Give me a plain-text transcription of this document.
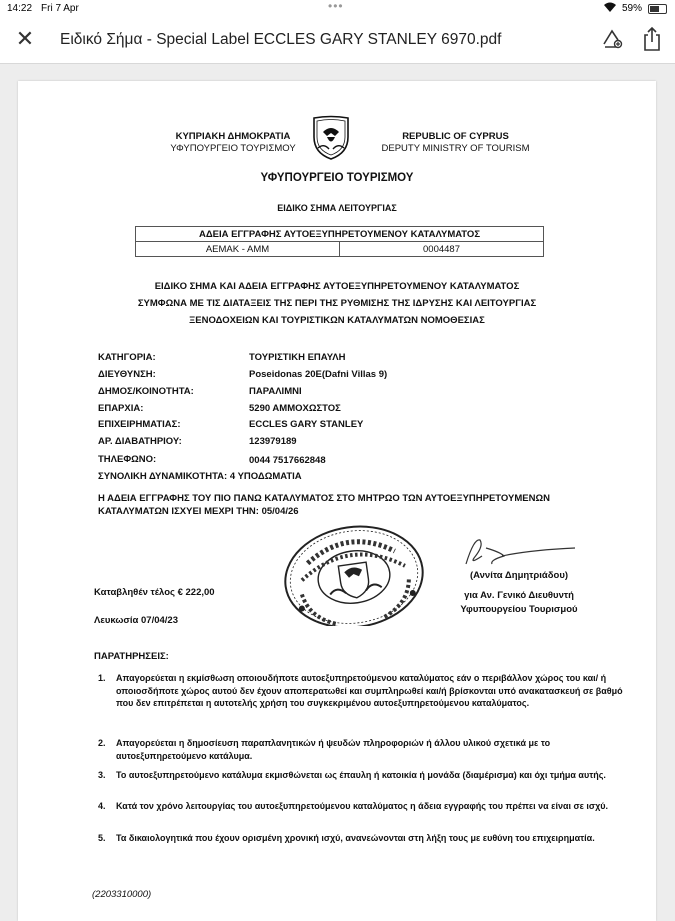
14:22 Fri 7 Apr	•••	59%
✕ Ειδικό Σήμα - Special Label ECCLES GARY STANLEY 6970.pdf
ΚΥΠΡΙΑΚΗ ΔΗΜΟΚΡΑΤΙΑ
ΥΦΥΠΟΥΡΓΕΙΟ ΤΟΥΡΙΣΜΟΥ
REPUBLIC OF CYPRUS
DEPUTY MINISTRY OF TOURISM
ΥΦΥΠΟΥΡΓΕΙΟ ΤΟΥΡΙΣΜΟΥ
ΕΙΔΙΚΟ ΣΗΜΑ ΛΕΙΤΟΥΡΓΙΑΣ
ΑΔΕΙΑ ΕΓΓΡΑΦΗΣ ΑΥΤΟΕΞΥΠΗΡΕΤΟΥΜΕΝΟΥ ΚΑΤΑΛΥΜΑΤΟΣ
ΑΕΜΑΚ - ΑΜΜ	0004487
ΕΙΔΙΚΟ ΣΗΜΑ ΚΑΙ ΑΔΕΙΑ ΕΓΓΡΑΦΗΣ ΑΥΤΟΕΞΥΠΗΡΕΤΟΥΜΕΝΟΥ ΚΑΤΑΛΥΜΑΤΟΣ
ΣΥΜΦΩΝΑ ΜΕ ΤΙΣ ΔΙΑΤΑΞΕΙΣ ΤΗΣ ΠΕΡΙ ΤΗΣ ΡΥΘΜΙΣΗΣ ΤΗΣ ΙΔΡΥΣΗΣ ΚΑΙ ΛΕΙΤΟΥΡΓΙΑΣ
ΞΕΝΟΔΟΧΕΙΩΝ ΚΑΙ ΤΟΥΡΙΣΤΙΚΩΝ ΚΑΤΑΛΥΜΑΤΩΝ ΝΟΜΟΘΕΣΙΑΣ
ΚΑΤΗΓΟΡΙΑ:	ΤΟΥΡΙΣΤΙΚΗ ΕΠΑΥΛΗ
ΔΙΕΥΘΥΝΣΗ:	Poseidonas 20E(Dafni Villas 9)
ΔΗΜΟΣ/ΚΟΙΝΟΤΗΤΑ:	ΠΑΡΑΛΙΜΝΙ
ΕΠΑΡΧΙΑ:	5290 ΑΜΜΟΧΩΣΤΟΣ
ΕΠΙΧΕΙΡΗΜΑΤΙΑΣ:	ECCLES GARY STANLEY
ΑΡ. ΔΙΑΒΑΤΗΡΙΟΥ:	123979189
ΤΗΛΕΦΩΝΟ:	0044 7517662848
ΣΥΝΟΛΙΚΗ ΔΥΝΑΜΙΚΟΤΗΤΑ: 4 ΥΠΟΔΩΜΑΤΙΑ
Η ΑΔΕΙΑ ΕΓΓΡΑΦΗΣ ΤΟΥ ΠΙΟ ΠΑΝΩ ΚΑΤΑΛΥΜΑΤΟΣ ΣΤΟ ΜΗΤΡΩΟ ΤΩΝ ΑΥΤΟΕΞΥΠΗΡΕΤΟΥΜΕΝΩΝ
ΚΑΤΑΛΥΜΑΤΩΝ ΙΣΧΥΕΙ ΜΕΧΡΙ ΤΗΝ: 05/04/26
(Αννίτα Δημητριάδου)
για Αν. Γενικό Διευθυντή
Υφυπουργείου Τουρισμού
Καταβληθέν τέλος € 222,00
Λευκωσία 07/04/23
ΠΑΡΑΤΗΡΗΣΕΙΣ:
1. Απαγορεύεται η εκμίσθωση οποιουδήποτε αυτοεξυπηρετούμενου καταλύματος εάν ο περιβάλλον χώρος του και/ ή οποιοσδήποτε χώρος αυτού δεν έχουν αποπερατωθεί και συμπληρωθεί και/ή βρίσκονται υπό ανακατασκευή σε βαθμό που δεν επιτρέπεται η αυτοτελής χρήση του συγκεκριμένου αυτοεξυπηρετούμενου καταλύματος.
2. Απαγορεύεται η δημοσίευση παραπλανητικών ή ψευδών πληροφοριών ή άλλου υλικού σχετικά με το αυτοεξυπηρετούμενο κατάλυμα.
3. Το αυτοεξυπηρετούμενο κατάλυμα εκμισθώνεται ως έπαυλη ή κατοικία ή μονάδα (διαμέρισμα) και όχι τμήμα αυτής.
4. Κατά τον χρόνο λειτουργίας του αυτοεξυπηρετούμενου καταλύματος η άδεια εγγραφής του πρέπει να είναι σε ισχύ.
5. Τα δικαιολογητικά που έχουν ορισμένη χρονική ισχύ, ανανεώνονται στη λήξη τους με ευθύνη του επιχειρηματία.
(2203310000)
